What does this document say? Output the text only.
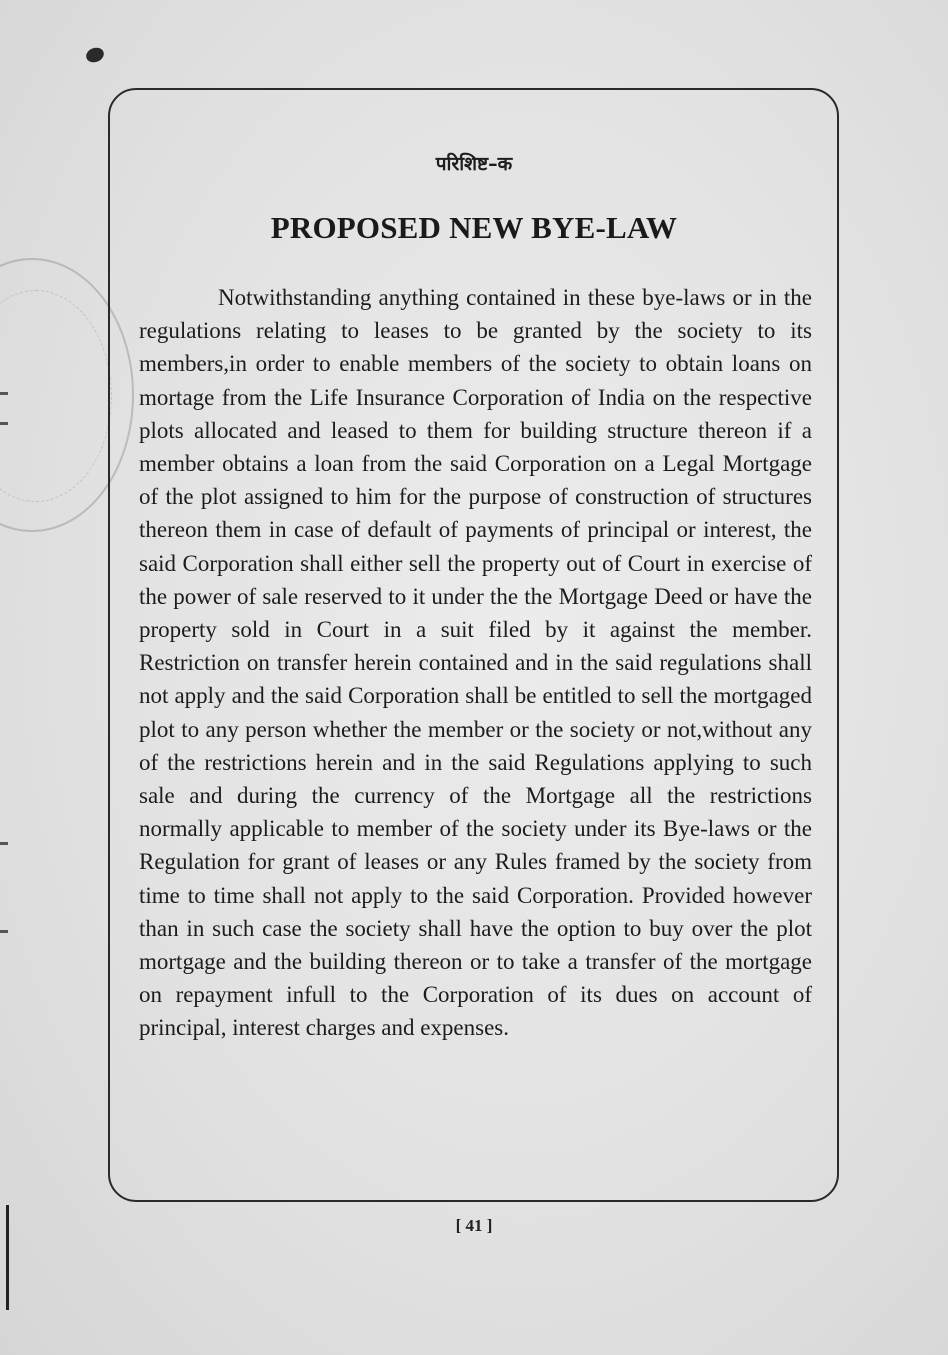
परिशिष्ट–क
PROPOSED NEW BYE-LAW

Notwithstanding anything contained in these bye-laws or in the regulations relating to leases to be granted by the society to its members,in order to enable members of the society to obtain loans on mortage from the Life Insurance Corporation of India on the respective plots allocated and leased to them for building structure thereon if a member obtains a loan from the said Corporation on a Legal Mortgage of the plot assigned to him for the purpose of construction of structures thereon them in case of default of payments of principal or interest, the said Corporation shall either sell the property out of Court in exercise of the power of sale reserved to it under the the Mortgage Deed or have the property sold in Court in a suit filed by it against the member. Restriction on transfer herein contained and in the said regulations shall not apply and the said Corporation shall be entitled to sell the mortgaged plot to any person whether the member or the society or not,without any of the restrictions herein and in the said Regulations applying to such sale and during the currency of the Mortgage all the restrictions normally applicable to member of the society under its Bye-laws or the Regulation for grant of leases or any Rules framed by the society from time to time shall not apply to the said Corporation. Provided however than in such case the society shall have the option to buy over the plot mortgage and the building thereon or to take a transfer of the mortgage on repayment infull to the Corporation of its dues on account of principal, interest charges and expenses.

[ 41 ]
